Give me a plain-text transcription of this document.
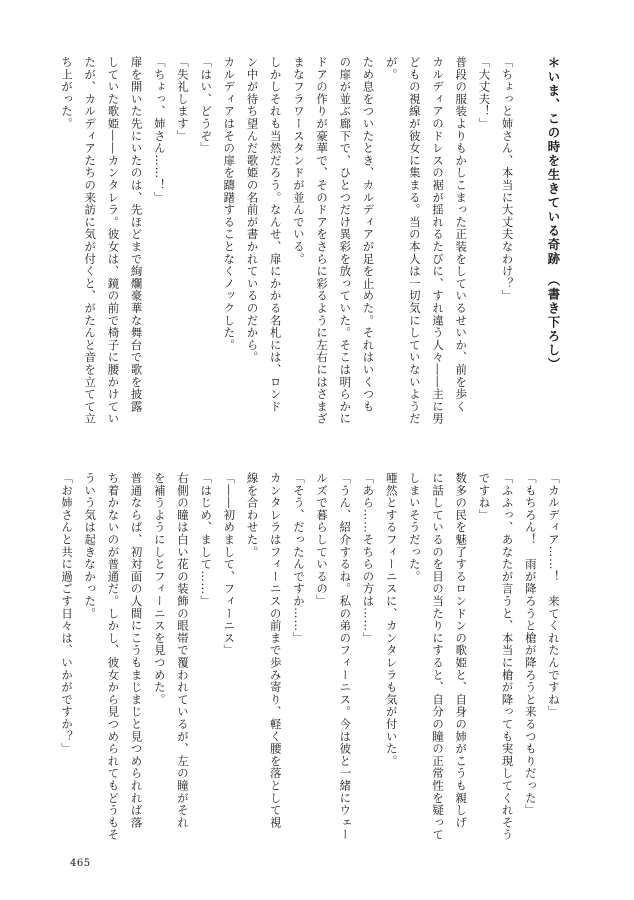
＊いま、この時を生きている奇跡　（書き下ろし）
「ちょっと姉さん、本当に大丈夫なわけ？」
「大丈夫！」
普段の服装よりもかしこまった正装をしているせいか、前を歩く
カルディアのドレスの裾が揺れるたびに、すれ違う人々――主に男
どもの視線が彼女に集まる。当の本人は一切気にしていないようだ
が。
ため息をついたとき、カルディアが足を止めた。それはいくつも
の扉が並ぶ廊下で、ひとつだけ異彩を放っていた。そこは明らかに
ドアの作りが豪華で、そのドアをさらに彩るように左右にはさまざ
まなフラワースタンドが並んでいる。
しかしそれも当然だろう。なんせ、扉にかかる名札には、ロンド
ン中が待ち望んだ歌姫の名前が書かれているのだから。
カルディアはその扉を躊躇することなくノックした。
「はい、どうぞ」
「失礼します」
「ちょっ、姉さん……！」
扉を開いた先にいたのは、先ほどまで絢爛豪華な舞台で歌を披露
していた歌姫――カンタレラ。彼女は、鏡の前で椅子に腰かけてい
たが、カルディアたちの来訪に気が付くと、がたんと音を立てて立
ち上がった。
「カルディア……！　来てくれたんですね」
「もちろん！　雨が降ろうと槍が降ろうと来るつもりだった」
「ふふっ、あなたが言うと、本当に槍が降っても実現してくれそう
ですね」
数多の民を魅了するロンドンの歌姫と、自身の姉がこうも親しげ
に話しているのを目の当たりにすると、自分の瞳の正常性を疑って
しまいそうだった。
唖然とするフィーニスに、カンタレラも気が付いた。
「あら……そちらの方は……」
「うん、紹介するね。私の弟のフィーニス。今は彼と一緒にウェー
ルズで暮らしているの」
「そう、だったんですか……」
カンタレラはフィーニスの前まで歩み寄り、軽く腰を落として視
線を合わせた。
「――初めまして、フィーニス」
「はじめ、まして……」
右側の瞳は白い花の装飾の眼帯で覆われているが、左の瞳がそれ
を補うようにしとフィーニスを見つめた。
普通ならば、初対面の人間にこうもまじまじと見つめられれば落
ち着かないのが普通だ。しかし、彼女から見つめられてもどうもそ
ういう気は起きなかった。
「お姉さんと共に過ごす日々は、いかがですか？」
465
